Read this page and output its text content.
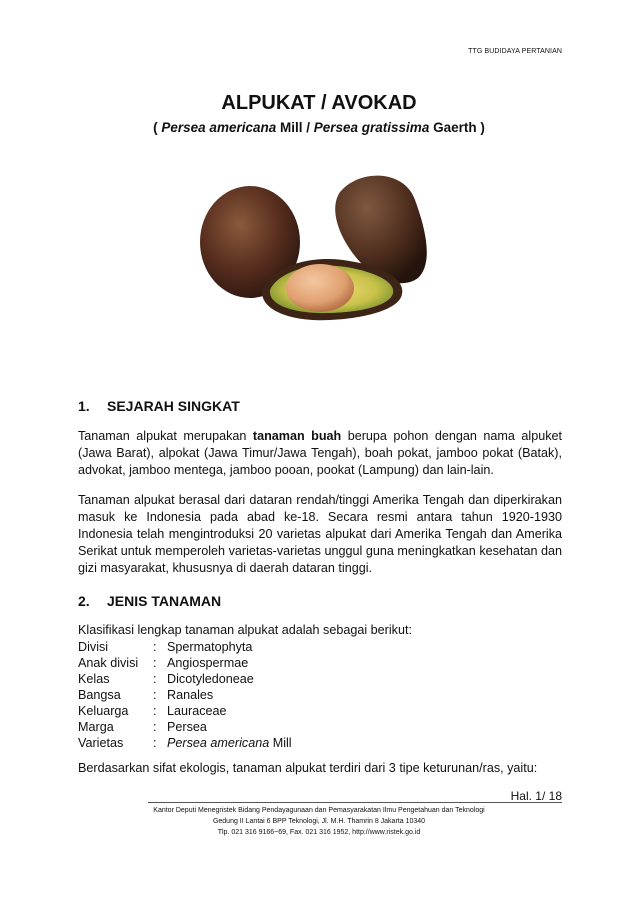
TTG BUDIDAYA PERTANIAN
ALPUKAT / AVOKAD
( Persea americana Mill / Persea gratissima Gaerth )
1. SEJARAH SINGKAT
Tanaman alpukat merupakan tanaman buah berupa pohon dengan nama alpuket (Jawa Barat), alpokat (Jawa Timur/Jawa Tengah), boah pokat, jamboo pokat (Batak), advokat, jamboo mentega, jamboo pooan, pookat (Lampung) dan lain-lain.
Tanaman alpukat berasal dari dataran rendah/tinggi Amerika Tengah dan diperkirakan masuk ke Indonesia pada abad ke-18. Secara resmi antara tahun 1920-1930 Indonesia telah mengintroduksi 20 varietas alpukat dari Amerika Tengah dan Amerika Serikat untuk memperoleh varietas-varietas unggul guna meningkatkan kesehatan dan gizi masyarakat, khususnya di daerah dataran tinggi.
2. JENIS TANAMAN
Klasifikasi lengkap tanaman alpukat adalah sebagai berikut:
Divisi	: Spermatophyta
Anak divisi	: Angiospermae
Kelas	: Dicotyledoneae
Bangsa	: Ranales
Keluarga	: Lauraceae
Marga	: Persea
Varietas	: Persea americana Mill
Berdasarkan sifat ekologis, tanaman alpukat terdiri dari 3 tipe keturunan/ras, yaitu:
Hal. 1/ 18
Kantor Deputi Menegristek Bidang Pendayagunaan dan Pemasyarakatan Ilmu Pengetahuan dan Teknologi
Gedung II Lantai 6 BPP Teknologi, Jl. M.H. Thamrin 8 Jakarta 10340
Tlp. 021 316 9166~69, Fax. 021 316 1952, http://www.ristek.go.id
